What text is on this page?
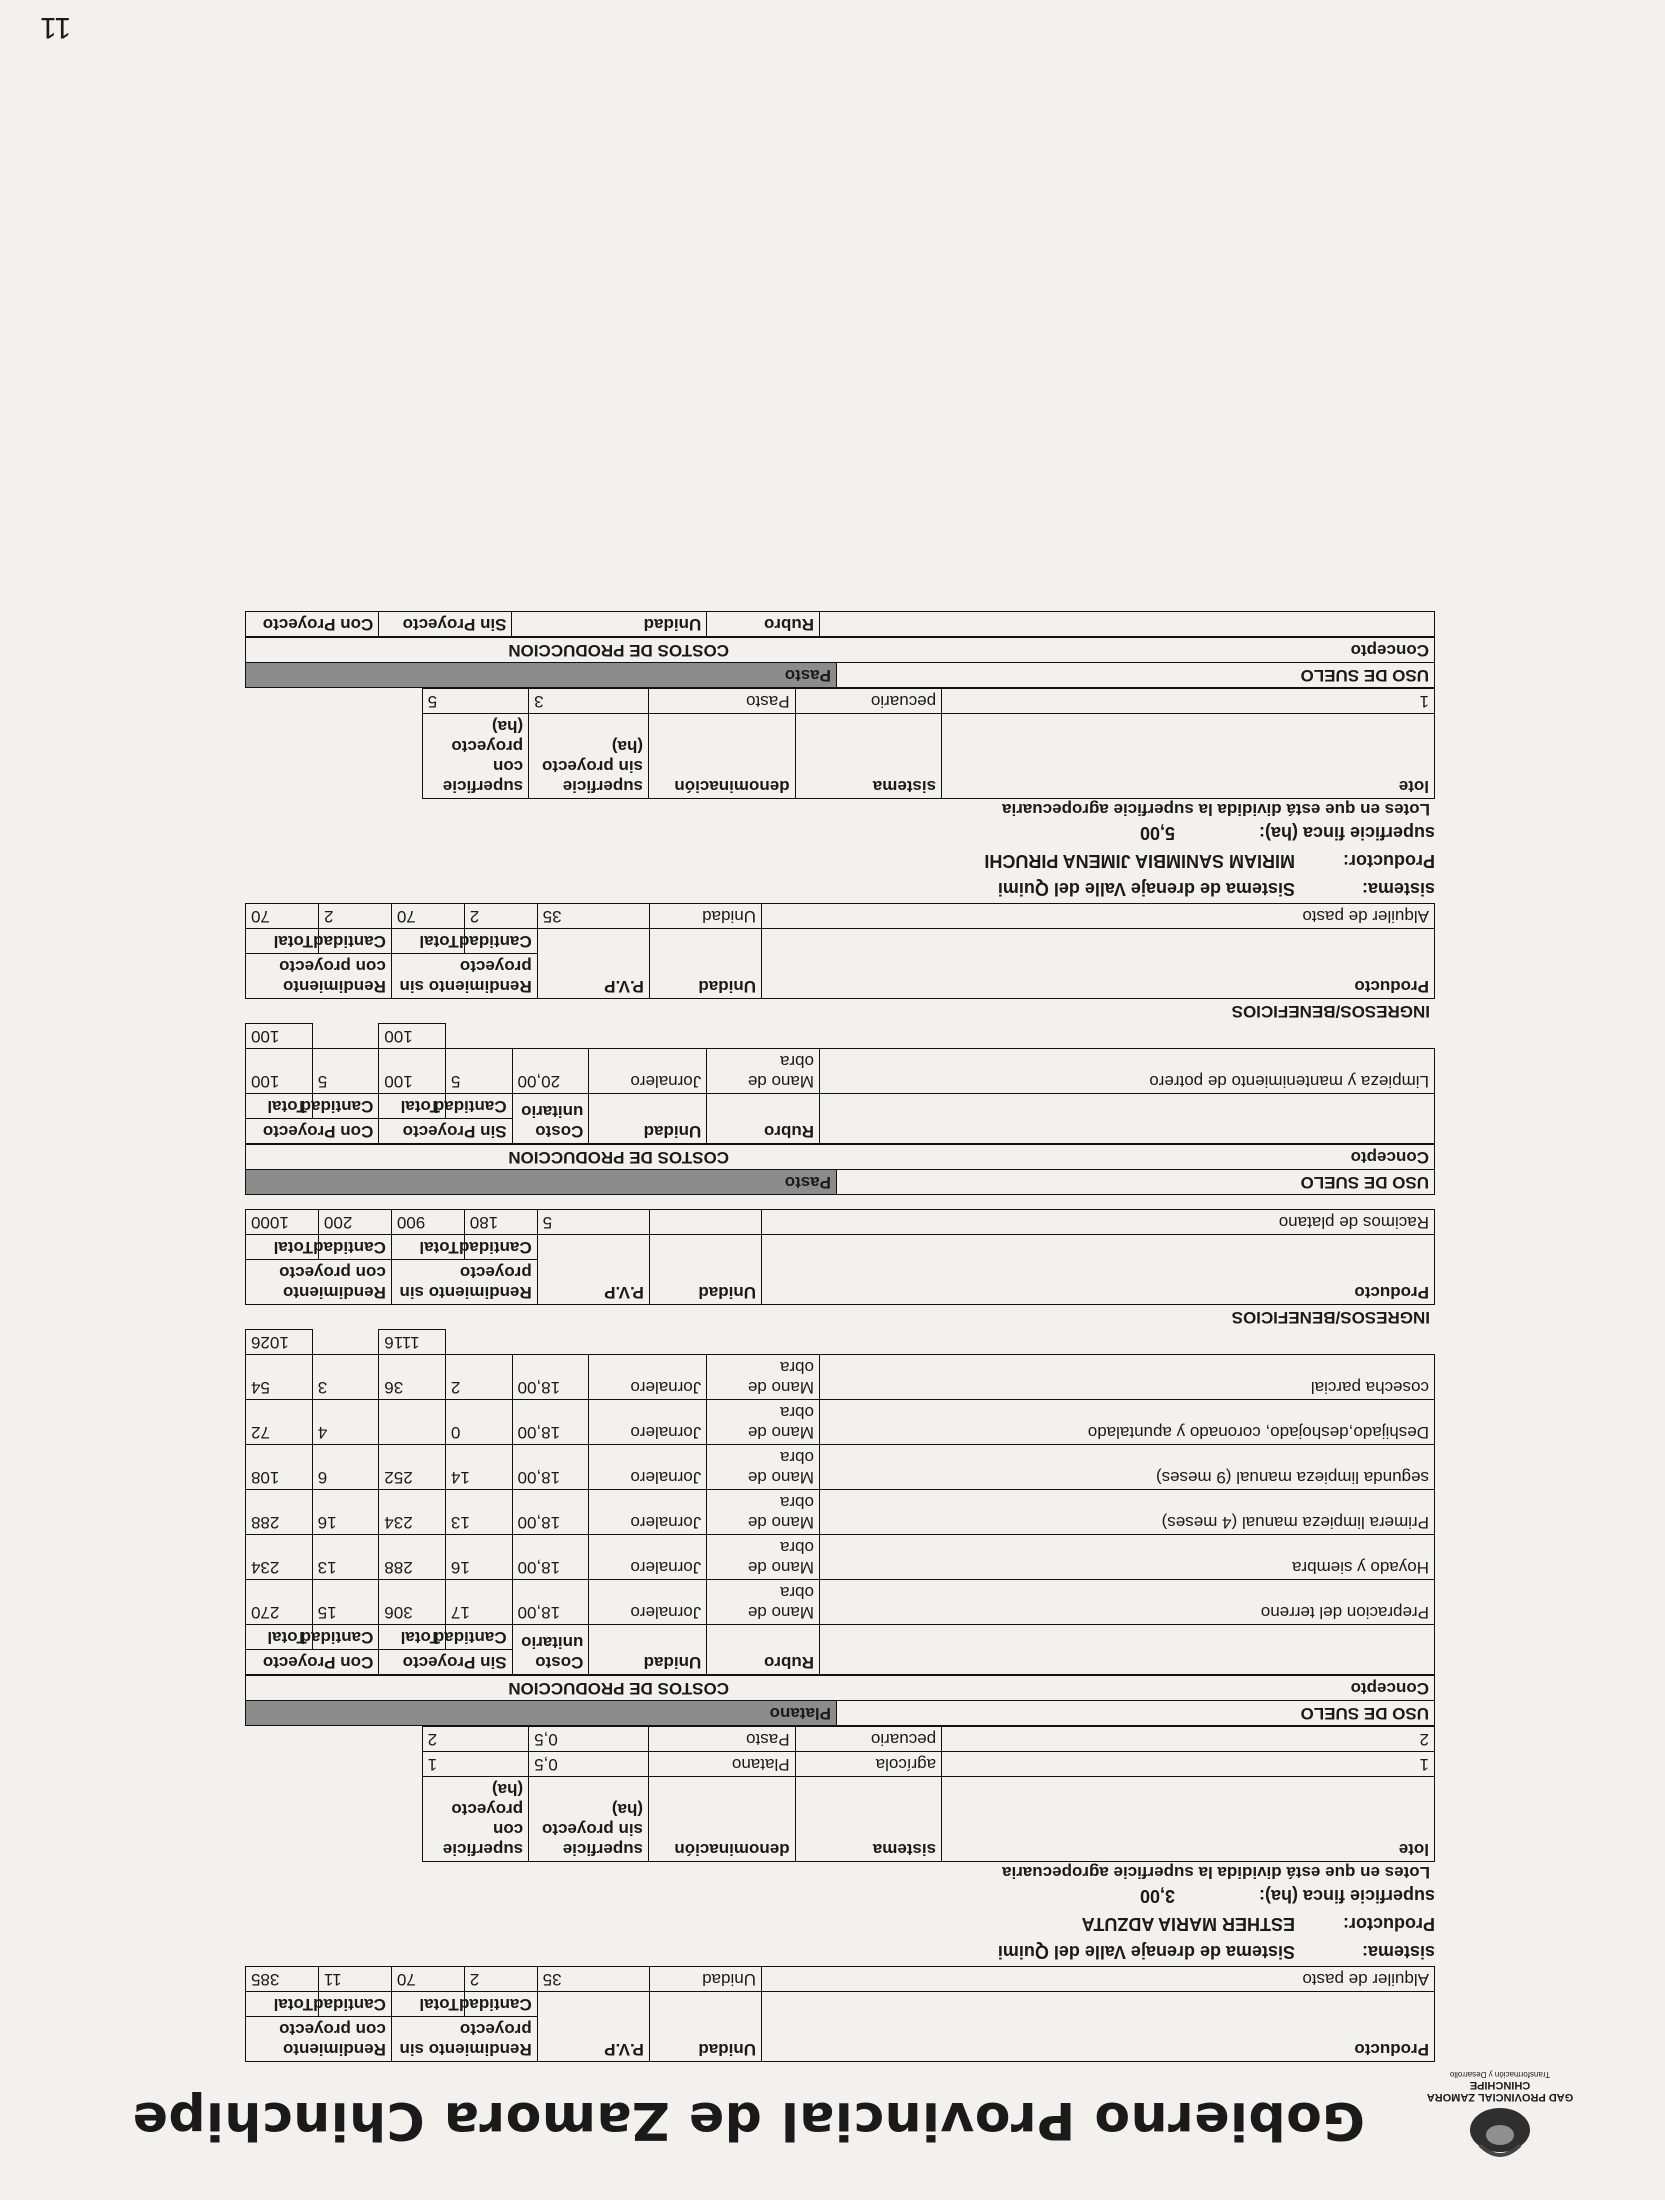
GAD PROVINCIAL ZAMORA CHINCHIPE
Transformación y Desarrollo
Gobierno Provincial de Zamora Chinchipe
Producto	Unidad	P.V.P	Rendimiento sin proyecto		Rendimiento con proyecto	
			Cantidad	Total	Cantidad	Total
Alquiler de pasto	Unidad	35	2	70	11	385
sistema:
Sistema de drenaje Valle del Quimi
Productor:
ESTHER MARIA ADZUTA
superficie finca (ha):
3,00
Lotes en que está dividida la superficie agropecuaria
lote	sistema	denominación	superficie sin proyecto (ha)	superficie con proyecto (ha)
1	agrícola	Platano	0,5	1
2	pecuario	Pasto	0,5	2
USO DE SUELO
Platano
Concepto
COSTOS DE PRODUCCION
	Rubro	Unidad	Costo unitario	Sin Proyecto		Con Proyecto	
				Cantidad	Total	Cantidad	Total
Prepracion del terreno	Mano de obra	Jornalero	18,00	17	306	15	270
Hoyado y siembra	Mano de obra	Jornalero	18,00	16	288	13	234
Primera limpieza manual (4 meses)	Mano de obra	Jornalero	18,00	13	234	16	288
segunda limpieza manual (9 meses)	Mano de obra	Jornalero	18,00	14	252	6	108
Deshijado,deshojado, coronado y apuntalado	Mano de obra	Jornalero	18,00	0		4	72
cosecha parcial	Mano de obra	Jornalero	18,00	2	36	3	54
					1116		1026
INGRESOS/BENEFICIOS
Producto	Unidad	P.V.P	Rendimiento sin proyecto		Rendimiento con proyecto	
			Cantidad	Total	Cantidad	Total
Racimos de platano		5	180	900	200	1000
USO DE SUELO
Pasto
Concepto
COSTOS DE PRODUCCION
	Rubro	Unidad	Costo unitario	Sin Proyecto		Con Proyecto	
				Cantidad	Total	Cantidad	Total
Limpieza y mantenimiento de potrero	Mano de obra	Jornalero	20,00	5	100	5	100
					100		100
INGRESOS/BENEFICIOS
Producto	Unidad	P.V.P	Rendimiento sin proyecto		Rendimiento con proyecto	
			Cantidad	Total	Cantidad	Total
Alquiler de pasto	Unidad	35	2	70	2	70
sistema:
Sistema de drenaje Valle del Quimi
Productor:
MIRIAM SANIMBIA JIMENA PIRUCHI
superficie finca (ha):
5,00
Lotes en que está dividida la superficie agropecuaria
lote	sistema	denominación	superficie sin proyecto (ha)	superficie con proyecto (ha)
1	pecuario	Pasto	3	5
USO DE SUELO
Pasto
Concepto
COSTOS DE PRODUCCION
	Rubro	Unidad	Sin Proyecto	Con Proyecto
11
